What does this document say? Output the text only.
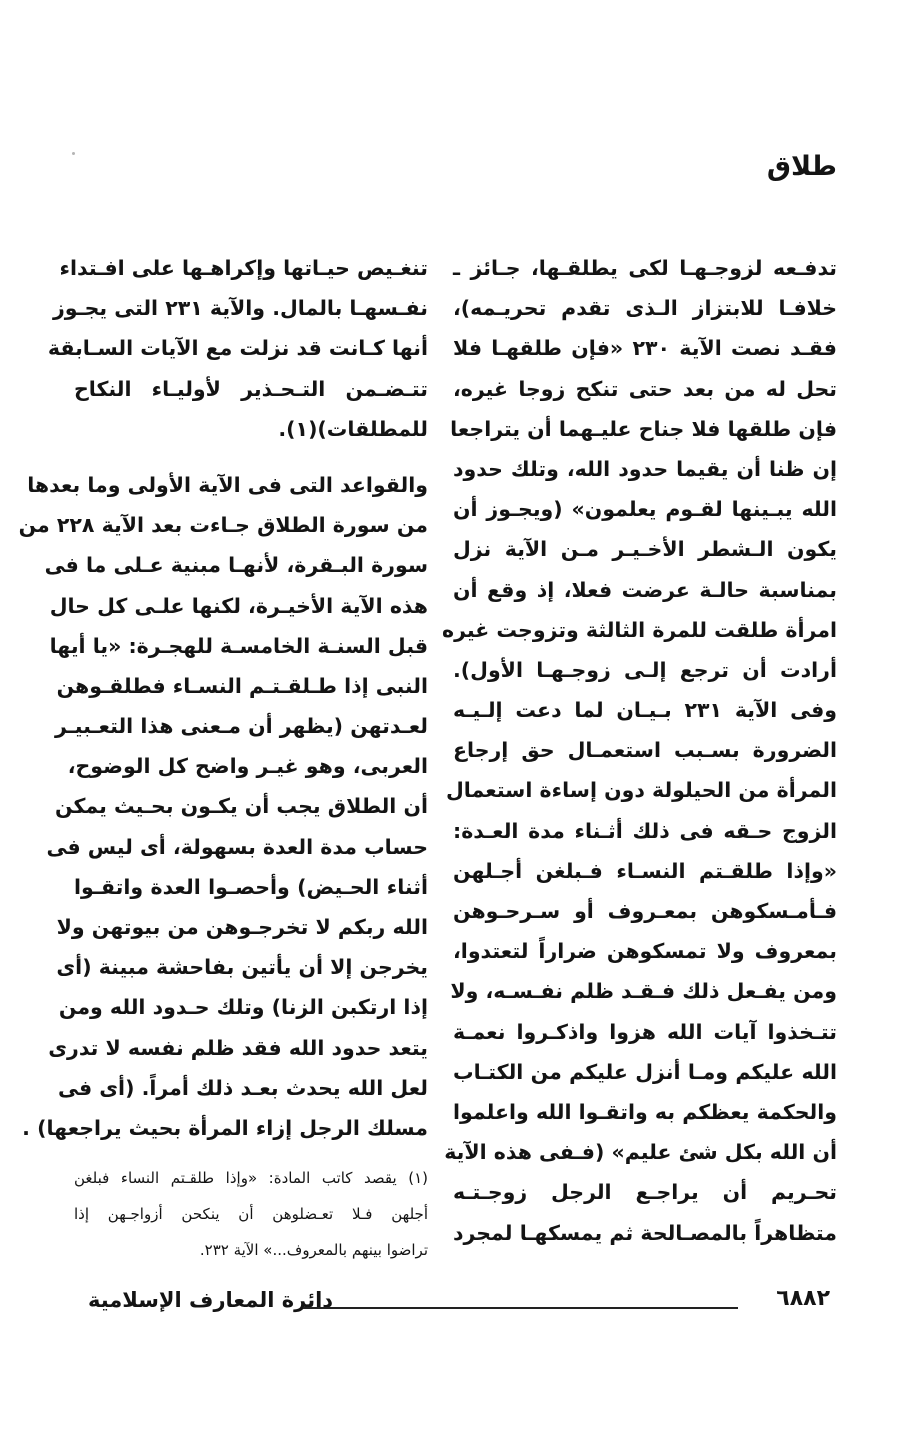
طلاق
تدفـعه لزوجـهـا لكى يطلقـها، جـائز ـ
خلافـا للابتزاز الـذى تقدم تحريـمه)،
فقـد نصت الآية ٢٣٠ «فإن طلقهـا فلا
تحل له من بعد حتى تنكح زوجا غيره،
فإن طلقها فلا جناح عليـهما أن يتراجعا
إن ظنا أن يقيما حدود الله، وتلك حدود
الله يبـينها لقـوم يعلمون» (ويجـوز أن
يكون الـشطر الأخـيـر مـن الآية نزل
بمناسبة حالـة عرضت فعلا، إذ وقع أن
امرأة طلقت للمرة الثالثة وتزوجت غيره
أرادت أن ترجع إلـى زوجـهـا الأول).
وفى الآية ٢٣١ بـيـان لما دعت إلـيـه
الضرورة بسـبب استعمـال حق إرجاع
المرأة من الحيلولة دون إساءة استعمال
الزوج حـقه فى ذلك أثـناء مدة العـدة:
«وإذا طلقـتم النسـاء فـبلغن أجـلهن
فـأمـسكوهن بمعـروف أو سـرحـوهن
بمعروف ولا تمسكوهن ضراراً لتعتدوا،
ومن يفـعل ذلك فـقـد ظلم نفـسـه، ولا
تتـخذوا آيات الله هزوا واذكـروا نعمـة
الله عليكم ومـا أنزل عليكم من الكتـاب
والحكمة يعظكم به واتقـوا الله واعلموا
أن الله بكل شئ عليم» (فـفى هذه الآية
تحـريم أن يراجـع الرجل زوجـتـه
متظاهراً بالمصـالحة ثم يمسكهـا لمجرد
تنغـيص حيـاتها وإكراهـها على افـتداء
نفـسهـا بالمال. والآية ٢٣١ التى يجـوز
أنها كـانت قد نزلت مع الآيات السـابقة
تتـضـمن التـحـذير لأوليـاء النكاح
للمطلقات)(١).
والقواعد التى فى الآية الأولى وما بعدها
من سورة الطلاق جـاءت بعد الآية ٢٢٨ من
سورة البـقرة، لأنهـا مبنية عـلى ما فى
هذه الآية الأخيـرة، لكنها علـى كل حال
قبل السنـة الخامسـة للهجـرة: «يا أيها
النبى إذا طـلقـتـم النسـاء فطلقـوهن
لعـدتهن (يظهر أن مـعنى هذا التعـبيـر
العربى، وهو غيـر واضح كل الوضوح،
أن الطلاق يجب أن يكـون بحـيث يمكن
حساب مدة العدة بسهولة، أى ليس فى
أثناء الحـيض) وأحصـوا العدة واتقـوا
الله ربكم لا تخرجـوهن من بيوتهن ولا
يخرجن إلا أن يأتين بفاحشة مبينة (أى
إذا ارتكبن الزنا) وتلك حـدود الله ومن
يتعد حدود الله فقد ظلم نفسه لا تدرى
لعل الله يحدث بعـد ذلك أمراً. (أى فى
مسلك الرجل إزاء المرأة بحيث يراجعها) .
(١) يقصد كاتب المادة: «وإذا طلقـتم النساء فبلغن
أجلهن فـلا تعـضلوهن أن ينكحن أزواجـهن إذا
تراضوا بينهم بالمعروف...» الآية ٢٣٢.
دائرة المعارف الإسلامية	٦٨٨٢
